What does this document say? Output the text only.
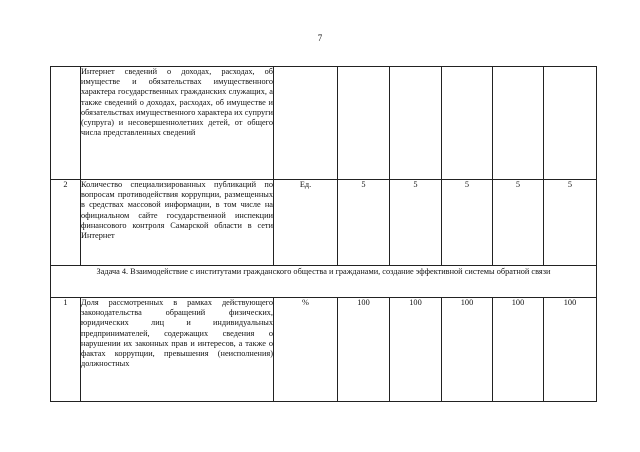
7
	Интернет сведений о доходах, расходах, об имуществе и обязательствах имущественного характера государственных гражданских служащих, а также сведений о доходах, расходах, об имуществе и обязательствах имущественного характера их супруги (супруга) и несовершеннолетних детей, от общего числа представленных сведений						
2	Количество специализированных публикаций по вопросам противодействия коррупции, размещенных в средствах массовой информации, в том числе на официальном сайте государственной инспекции финансового контроля Самарской области в сети Интернет	Ед.	5	5	5	5	5
Задача 4. Взаимодействие с институтами гражданского общества и гражданами, создание эффективной системы обратной связи							
1	Доля рассмотренных в рамках действующего законодательства обращений физических, юридических лиц и индивидуальных предпринимателей, содержащих сведения о нарушении их законных прав и интересов, а также о фактах коррупции, превышения (неисполнения) должностных	%	100	100	100	100	100
